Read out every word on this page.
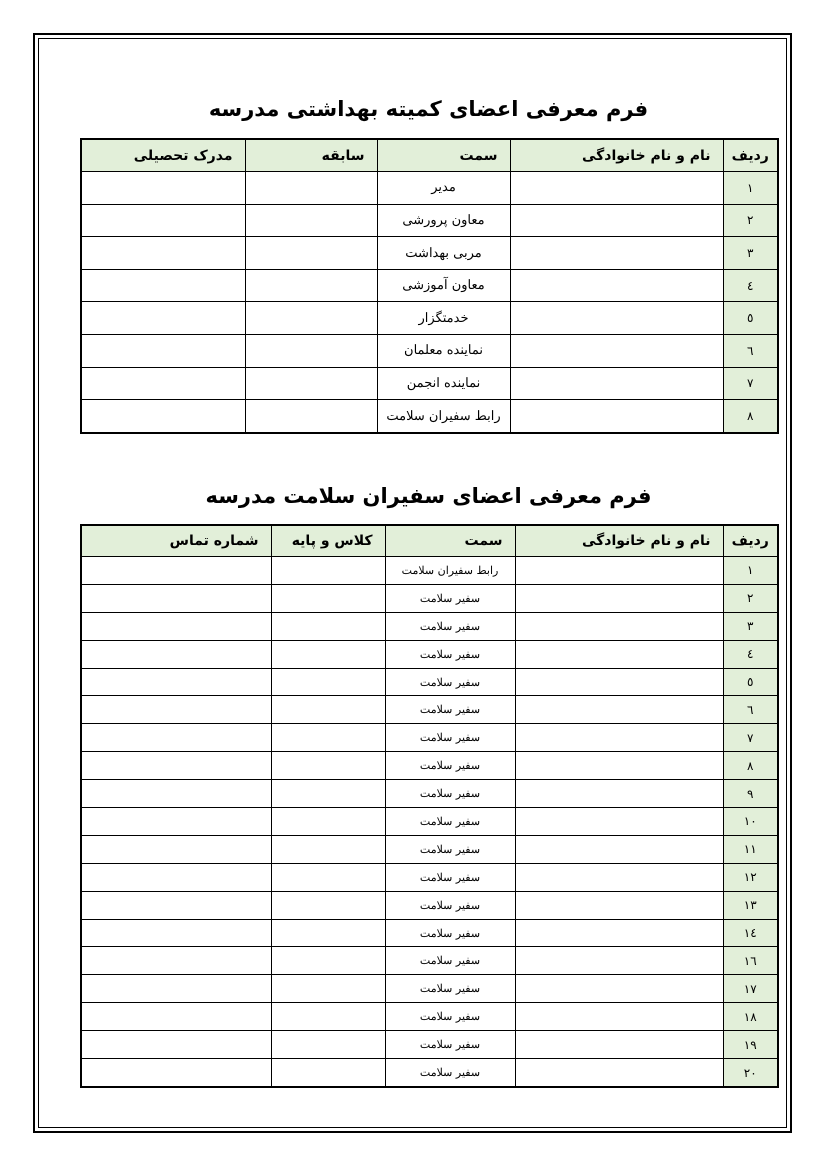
فرم معرفی اعضای کمیته بهداشتی مدرسه
ردیف	نام و نام خانوادگی	سمت	سابقه	مدرک تحصیلی
۱		مدیر		
۲		معاون پرورشی		
۳		مربی بهداشت		
٤		معاون آموزشی		
٥		خدمتگزار		
٦		نماینده معلمان		
۷		نماینده انجمن		
۸		رابط سفیران سلامت		
فرم معرفی اعضای سفیران سلامت مدرسه
ردیف	نام و نام خانوادگی	سمت	کلاس و پایه	شماره تماس
۱		رابط سفیران سلامت		
۲		سفیر سلامت		
۳		سفیر سلامت		
٤		سفیر سلامت		
٥		سفیر سلامت		
٦		سفیر سلامت		
۷		سفیر سلامت		
۸		سفیر سلامت		
۹		سفیر سلامت		
۱۰		سفیر سلامت		
۱۱		سفیر سلامت		
۱۲		سفیر سلامت		
۱۳		سفیر سلامت		
۱٤		سفیر سلامت		
۱٦		سفیر سلامت		
۱۷		سفیر سلامت		
۱۸		سفیر سلامت		
۱۹		سفیر سلامت		
۲۰		سفیر سلامت		
